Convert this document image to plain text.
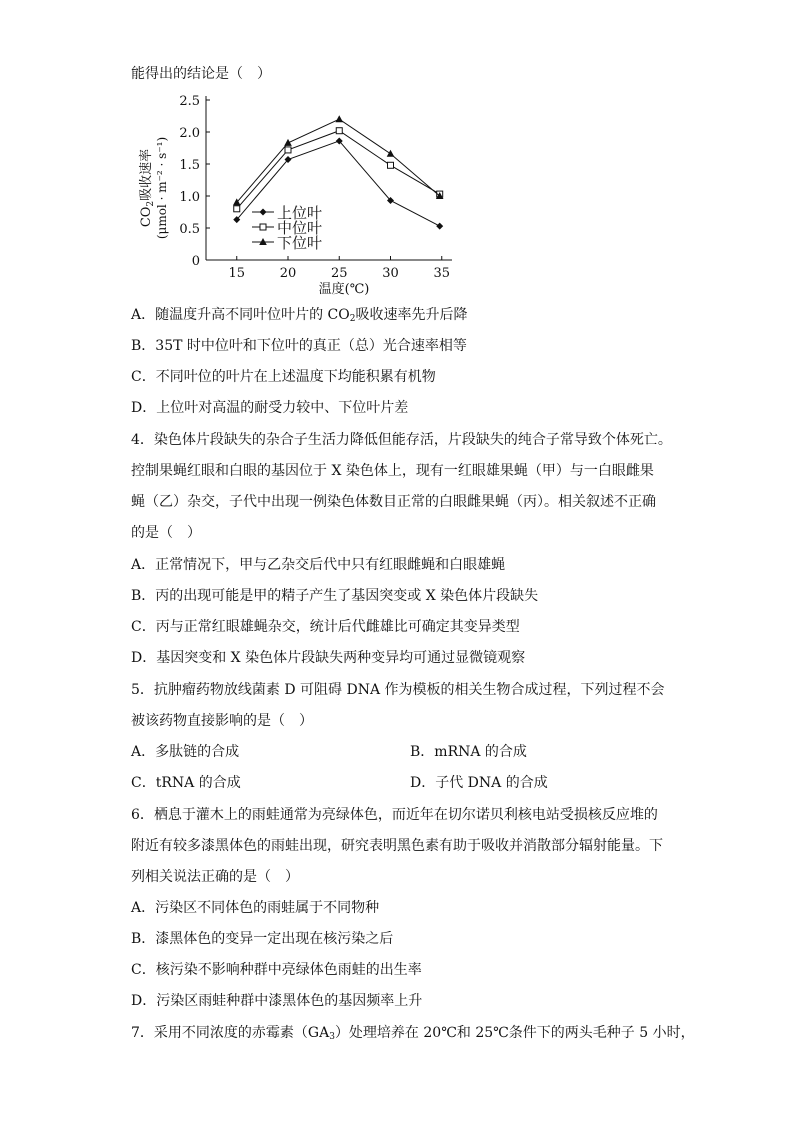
能得出的结论是（　）
0
0.5
1.0
1.5
2.0
2.5
15	20	25	30	35
上位叶
中位叶
下位叶
温度(℃)
$CO_2$吸收速率 (μmol · m⁻² · s⁻¹)
A．随温度升高不同叶位叶片的 $CO_2$吸收速率先升后降
B．35T 时中位叶和下位叶的真正（总）光合速率相等
C．不同叶位的叶片在上述温度下均能积累有机物
D．上位叶对高温的耐受力较中、下位叶片差
4．染色体片段缺失的杂合子生活力降低但能存活，片段缺失的纯合子常导致个体死亡。
控制果蝇红眼和白眼的基因位于 X 染色体上，现有一红眼雄果蝇（甲）与一白眼雌果
蝇（乙）杂交，子代中出现一例染色体数目正常的白眼雌果蝇（丙）。相关叙述不正确
的是（　）
A．正常情况下，甲与乙杂交后代中只有红眼雌蝇和白眼雄蝇
B．丙的出现可能是甲的精子产生了基因突变或 X 染色体片段缺失
C．丙与正常红眼雄蝇杂交，统计后代雌雄比可确定其变异类型
D．基因突变和 X 染色体片段缺失两种变异均可通过显微镜观察
5．抗肿瘤药物放线菌素 D 可阻碍 DNA 作为模板的相关生物合成过程，下列过程不会
被该药物直接影响的是（　）
A．多肽链的合成	B．mRNA 的合成
C．tRNA 的合成	D．子代 DNA 的合成
6．栖息于灌木上的雨蛙通常为亮绿体色，而近年在切尔诺贝利核电站受损核反应堆的
附近有较多漆黑体色的雨蛙出现，研究表明黑色素有助于吸收并消散部分辐射能量。下
列相关说法正确的是（　）
A．污染区不同体色的雨蛙属于不同物种
B．漆黑体色的变异一定出现在核污染之后
C．核污染不影响种群中亮绿体色雨蛙的出生率
D．污染区雨蛙种群中漆黑体色的基因频率上升
7．采用不同浓度的赤霉素$(GA_3)$处理培养在 20℃和 25℃条件下的两头毛种子 5 小时，
